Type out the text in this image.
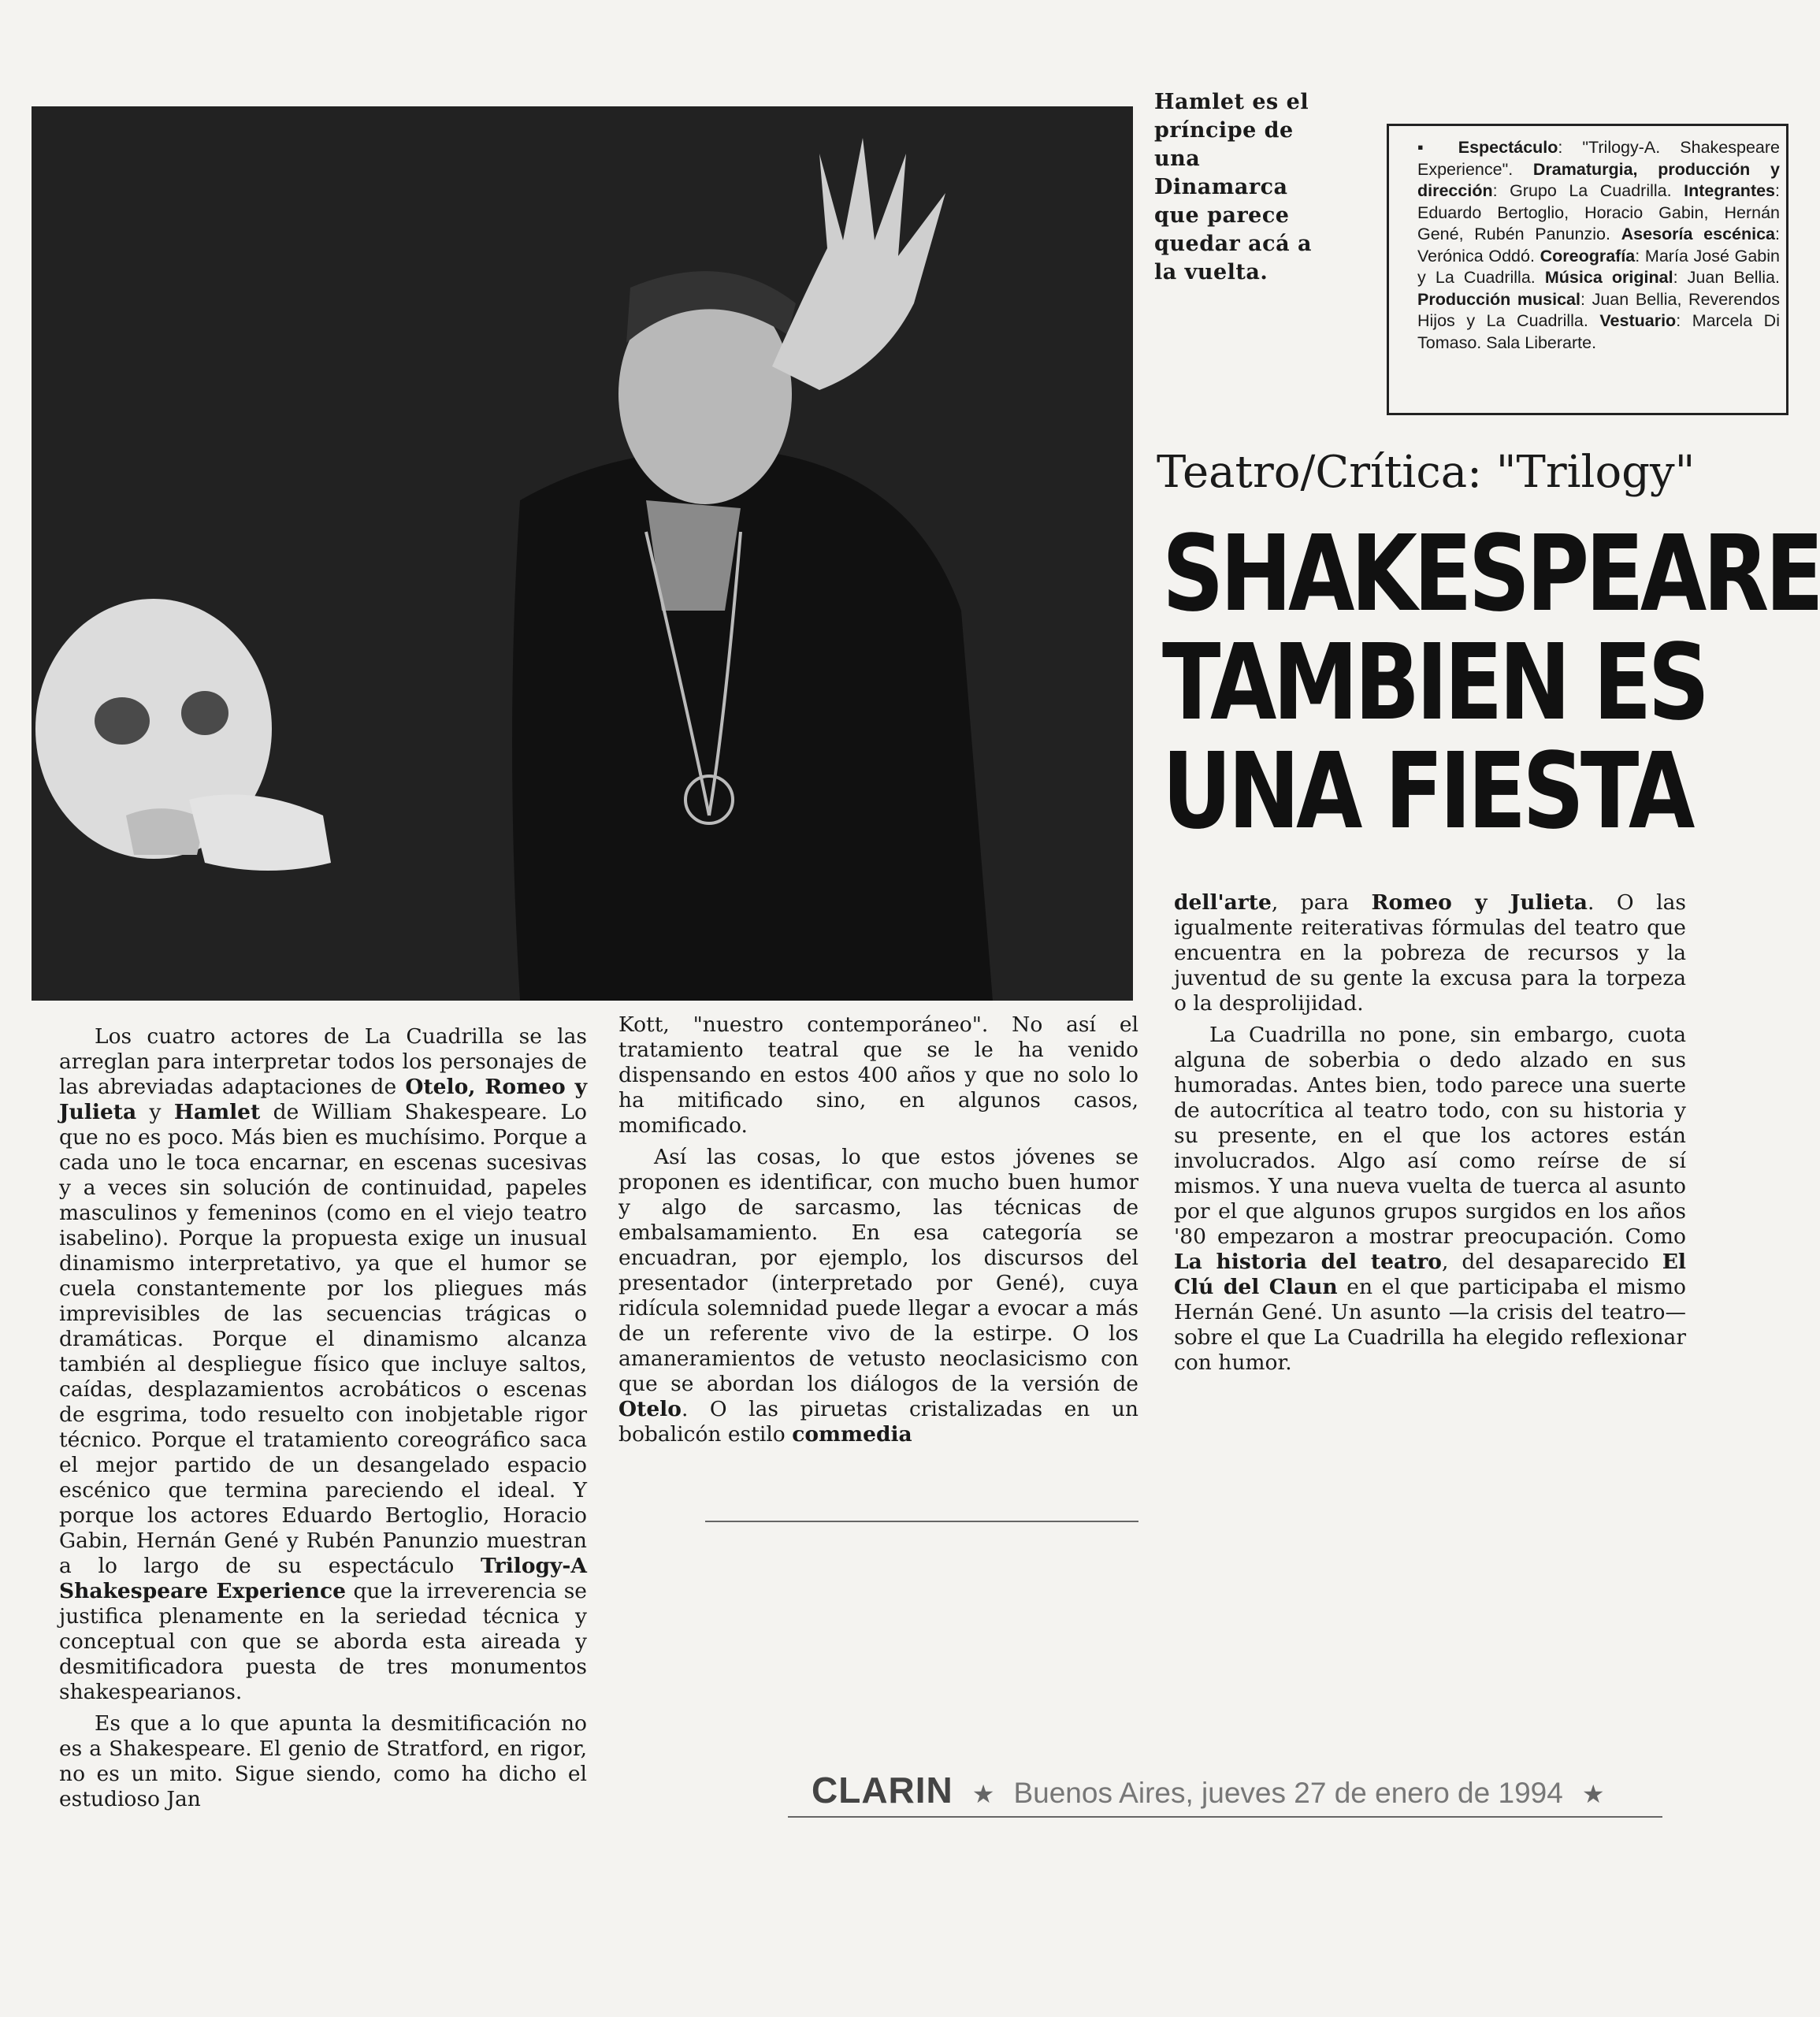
Hamlet es el príncipe de una Dinamarca que parece quedar acá a la vuelta.
▪ Espectáculo: "Trilogy-A. Shakespeare Experience". Dramaturgia, producción y dirección: Grupo La Cuadrilla. Integrantes: Eduardo Bertoglio, Horacio Gabin, Hernán Gené, Rubén Panunzio. Asesoría escénica: Verónica Oddó. Coreografía: María José Gabin y La Cuadrilla. Música original: Juan Bellia. Producción musical: Juan Bellia, Reverendos Hijos y La Cuadrilla. Vestuario: Marcela Di Tomaso. Sala Liberarte.
Teatro/Crítica: "Trilogy"
SHAKESPEARE
TAMBIEN ES
UNA FIESTA

Los cuatro actores de La Cuadrilla se las arreglan para interpretar todos los personajes de las abreviadas adaptaciones de Otelo, Romeo y Julieta y Hamlet de William Shakespeare. Lo que no es poco. Más bien es muchísimo. Porque a cada uno le toca encarnar, en escenas sucesivas y a veces sin solución de continuidad, papeles masculinos y femeninos (como en el viejo teatro isabelino). Porque la propuesta exige un inusual dinamismo interpretativo, ya que el humor se cuela constantemente por los pliegues más imprevisibles de las secuencias trágicas o dramáticas. Porque el dinamismo alcanza también al despliegue físico que incluye saltos, caídas, desplazamientos acrobáticos o escenas de esgrima, todo resuelto con inobjetable rigor técnico. Porque el tratamiento coreográfico saca el mejor partido de un desangelado espacio escénico que termina pareciendo el ideal. Y porque los actores Eduardo Bertoglio, Horacio Gabin, Hernán Gené y Rubén Panunzio muestran a lo largo de su espectáculo Trilogy-A Shakespeare Experience que la irreverencia se justifica plenamente en la seriedad técnica y conceptual con que se aborda esta aireada y desmitificadora puesta de tres monumentos shakespearianos.

Es que a lo que apunta la desmitificación no es a Shakespeare. El genio de Stratford, en rigor, no es un mito. Sigue siendo, como ha dicho el estudioso Jan

Kott, "nuestro contemporáneo". No así el tratamiento teatral que se le ha venido dispensando en estos 400 años y que no solo lo ha mitificado sino, en algunos casos, momificado.

Así las cosas, lo que estos jóvenes se proponen es identificar, con mucho buen humor y algo de sarcasmo, las técnicas de embalsamamiento. En esa categoría se encuadran, por ejemplo, los discursos del presentador (interpretado por Gené), cuya ridícula solemnidad puede llegar a evocar a más de un referente vivo de la estirpe. O los amaneramientos de vetusto neoclasicismo con que se abordan los diálogos de la versión de Otelo. O las piruetas cristalizadas en un bobalicón estilo commedia

dell'arte, para Romeo y Julieta. O las igualmente reiterativas fórmulas del teatro que encuentra en la pobreza de recursos y la juventud de su gente la excusa para la torpeza o la desprolijidad.

La Cuadrilla no pone, sin embargo, cuota alguna de soberbia o dedo alzado en sus humoradas. Antes bien, todo parece una suerte de autocrítica al teatro todo, con su historia y su presente, en el que los actores están involucrados. Algo así como reírse de sí mismos. Y una nueva vuelta de tuerca al asunto por el que algunos grupos surgidos en los años '80 empezaron a mostrar preocupación. Como La historia del teatro, del desaparecido El Clú del Claun en el que participaba el mismo Hernán Gené. Un asunto —la crisis del teatro— sobre el que La Cuadrilla ha elegido reflexionar con humor.

CLARIN ★ Buenos Aires, jueves 27 de enero de 1994 ★
